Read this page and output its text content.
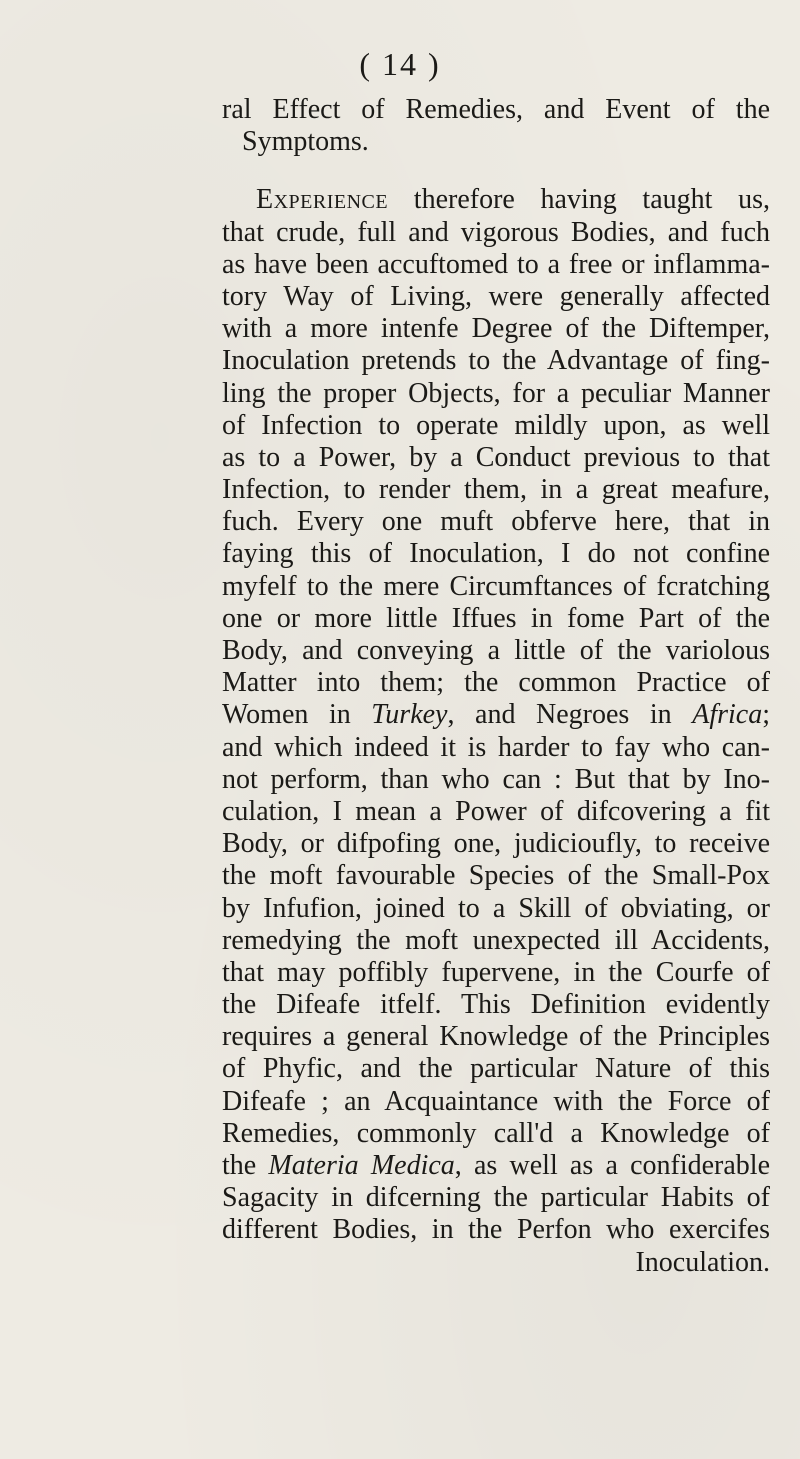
( 14 )
ral Effect of Remedies, and Event of the
Symptoms.
Experience therefore having taught us,
that crude, full and vigorous Bodies, and fuch
as have been accuftomed to a free or inflamma-
tory Way of Living, were generally affected
with a more intenfe Degree of the Diftemper,
Inoculation pretends to the Advantage of fing-
ling the proper Objects, for a peculiar Manner
of Infection to operate mildly upon, as well
as to a Power, by a Conduct previous to that
Infection, to render them, in a great meafure,
fuch. Every one muft obferve here, that in
faying this of Inoculation, I do not confine
myfelf to the mere Circumftances of fcratching
one or more little Iffues in fome Part of the
Body, and conveying a little of the variolous
Matter into them; the common Practice of
Women in Turkey, and Negroes in Africa;
and which indeed it is harder to fay who can-
not perform, than who can : But that by Ino-
culation, I mean a Power of difcovering a fit
Body, or difpofing one, judicioufly, to receive
the moft favourable Species of the Small-Pox
by Infufion, joined to a Skill of obviating, or
remedying the moft unexpected ill Accidents,
that may poffibly fupervene, in the Courfe of
the Difeafe itfelf. This Definition evidently
requires a general Knowledge of the Principles
of Phyfic, and the particular Nature of this
Difeafe ; an Acquaintance with the Force of
Remedies, commonly call'd a Knowledge of
the Materia Medica, as well as a confiderable
Sagacity in difcerning the particular Habits of
different Bodies, in the Perfon who exercifes
Inoculation.
